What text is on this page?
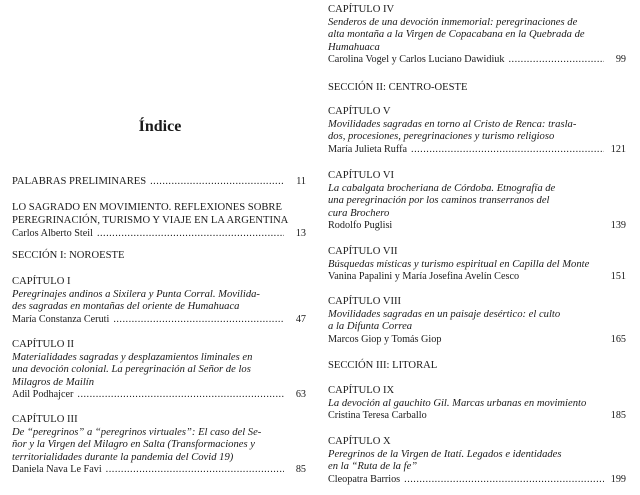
Índice
PALABRAS PRELIMINARES .....	11
LO SAGRADO EN MOVIMIENTO. REFLEXIONES SOBRE
PEREGRINACIÓN, TURISMO Y VIAJE EN LA ARGENTINA
Carlos Alberto Steil .....	13
SECCIÓN I: NOROESTE
CAPÍTULO I
Peregrinajes andinos a Sixilera y Punta Corral. Movilida-
des sagradas en montañas del oriente de Humahuaca
María Constanza Ceruti .....	47
CAPÍTULO II
Materialidades sagradas y desplazamientos liminales en
una devoción colonial. La peregrinación al Señor de los
Milagros de Mailín
Adil Podhajcer .....	63
CAPÍTULO III
De “peregrinos” a “peregrinos virtuales”: El caso del Se-
ñor y la Virgen del Milagro en Salta (Transformaciones y
territorialidades durante la pandemia del Covid 19)
Daniela Nava Le Favi .....	85
CAPÍTULO IV
Senderos de una devoción inmemorial: peregrinaciones de
alta montaña a la Virgen de Copacabana en la Quebrada de
Humahuaca
Carolina Vogel y Carlos Luciano Dawidiuk .....	99
SECCIÓN II: CENTRO-OESTE
CAPÍTULO V
Movilidades sagradas en torno al Cristo de Renca: trasla-
dos, procesiones, peregrinaciones y turismo religioso
María Julieta Ruffa .....	121
CAPÍTULO VI
La cabalgata brocheriana de Córdoba. Etnografía de
una peregrinación por los caminos transerranos del
cura Brochero
Rodolfo Puglisi	139
CAPÍTULO VII
Búsquedas místicas y turismo espiritual en Capilla del Monte
Vanina Papalini y María Josefina Avelín Cesco	151
CAPÍTULO VIII
Movilidades sagradas en un paisaje desértico: el culto
a la Difunta Correa
Marcos Giop y Tomás Giop	165
SECCIÓN III: LITORAL
CAPÍTULO IX
La devoción al gauchito Gil. Marcas urbanas en movimiento
Cristina Teresa Carballo	185
CAPÍTULO X
Peregrinos de la Virgen de Itatí. Legados e identidades
en la “Ruta de la fe”
Cleopatra Barrios .....	199
